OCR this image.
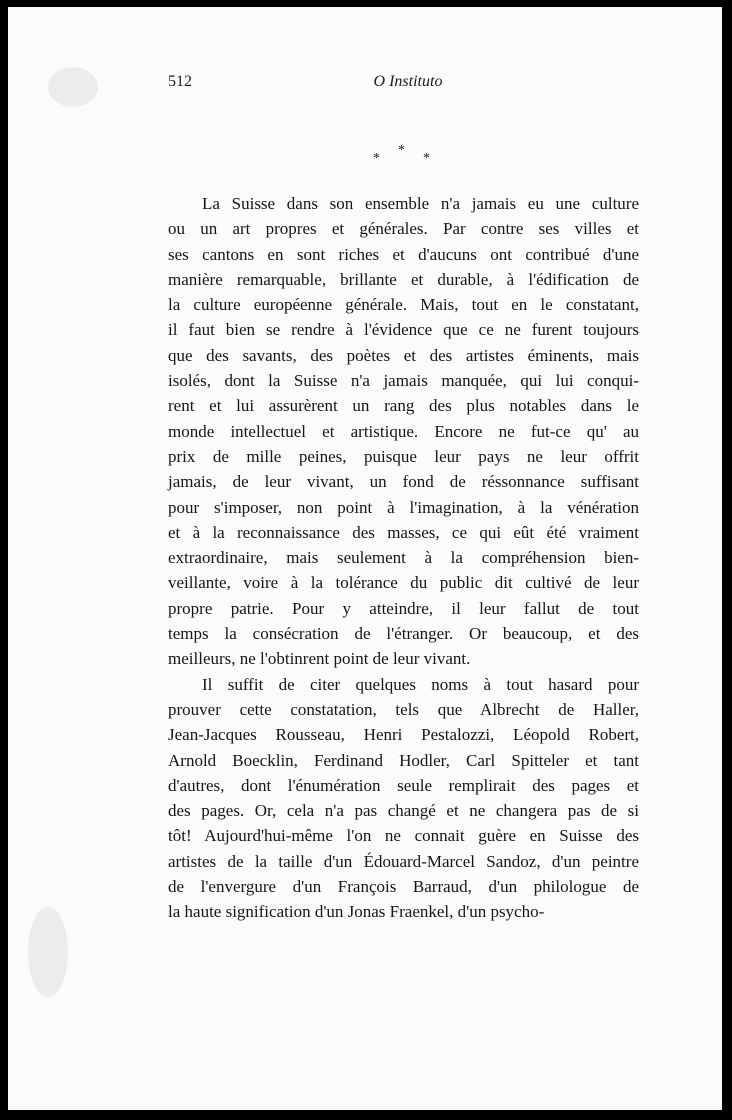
512	O Instituto
*
*
*
La Suisse dans son ensemble n'a jamais eu une culture
ou un art propres et générales. Par contre ses villes et
ses cantons en sont riches et d'aucuns ont contribué d'une
manière remarquable, brillante et durable, à l'édification de
la culture européenne générale. Mais, tout en le constatant,
il faut bien se rendre à l'évidence que ce ne furent toujours
que des savants, des poètes et des artistes éminents, mais
isolés, dont la Suisse n'a jamais manquée, qui lui conqui-
rent et lui assurèrent un rang des plus notables dans le
monde intellectuel et artistique. Encore ne fut-ce qu' au
prix de mille peines, puisque leur pays ne leur offrit
jamais, de leur vivant, un fond de réssonnance suffisant
pour s'imposer, non point à l'imagination, à la vénération
et à la reconnaissance des masses, ce qui eût été vraiment
extraordinaire, mais seulement à la compréhension bien-
veillante, voire à la tolérance du public dit cultivé de leur
propre patrie. Pour y atteindre, il leur fallut de tout
temps la consécration de l'étranger. Or beaucoup, et des
meilleurs, ne l'obtinrent point de leur vivant.
Il suffit de citer quelques noms à tout hasard pour
prouver cette constatation, tels que Albrecht de Haller,
Jean-Jacques Rousseau, Henri Pestalozzi, Léopold Robert,
Arnold Boecklin, Ferdinand Hodler, Carl Spitteler et tant
d'autres, dont l'énumération seule remplirait des pages et
des pages. Or, cela n'a pas changé et ne changera pas de si
tôt! Aujourd'hui-même l'on ne connait guère en Suisse des
artistes de la taille d'un Édouard-Marcel Sandoz, d'un peintre
de l'envergure d'un François Barraud, d'un philologue de
la haute signification d'un Jonas Fraenkel, d'un psycho-
